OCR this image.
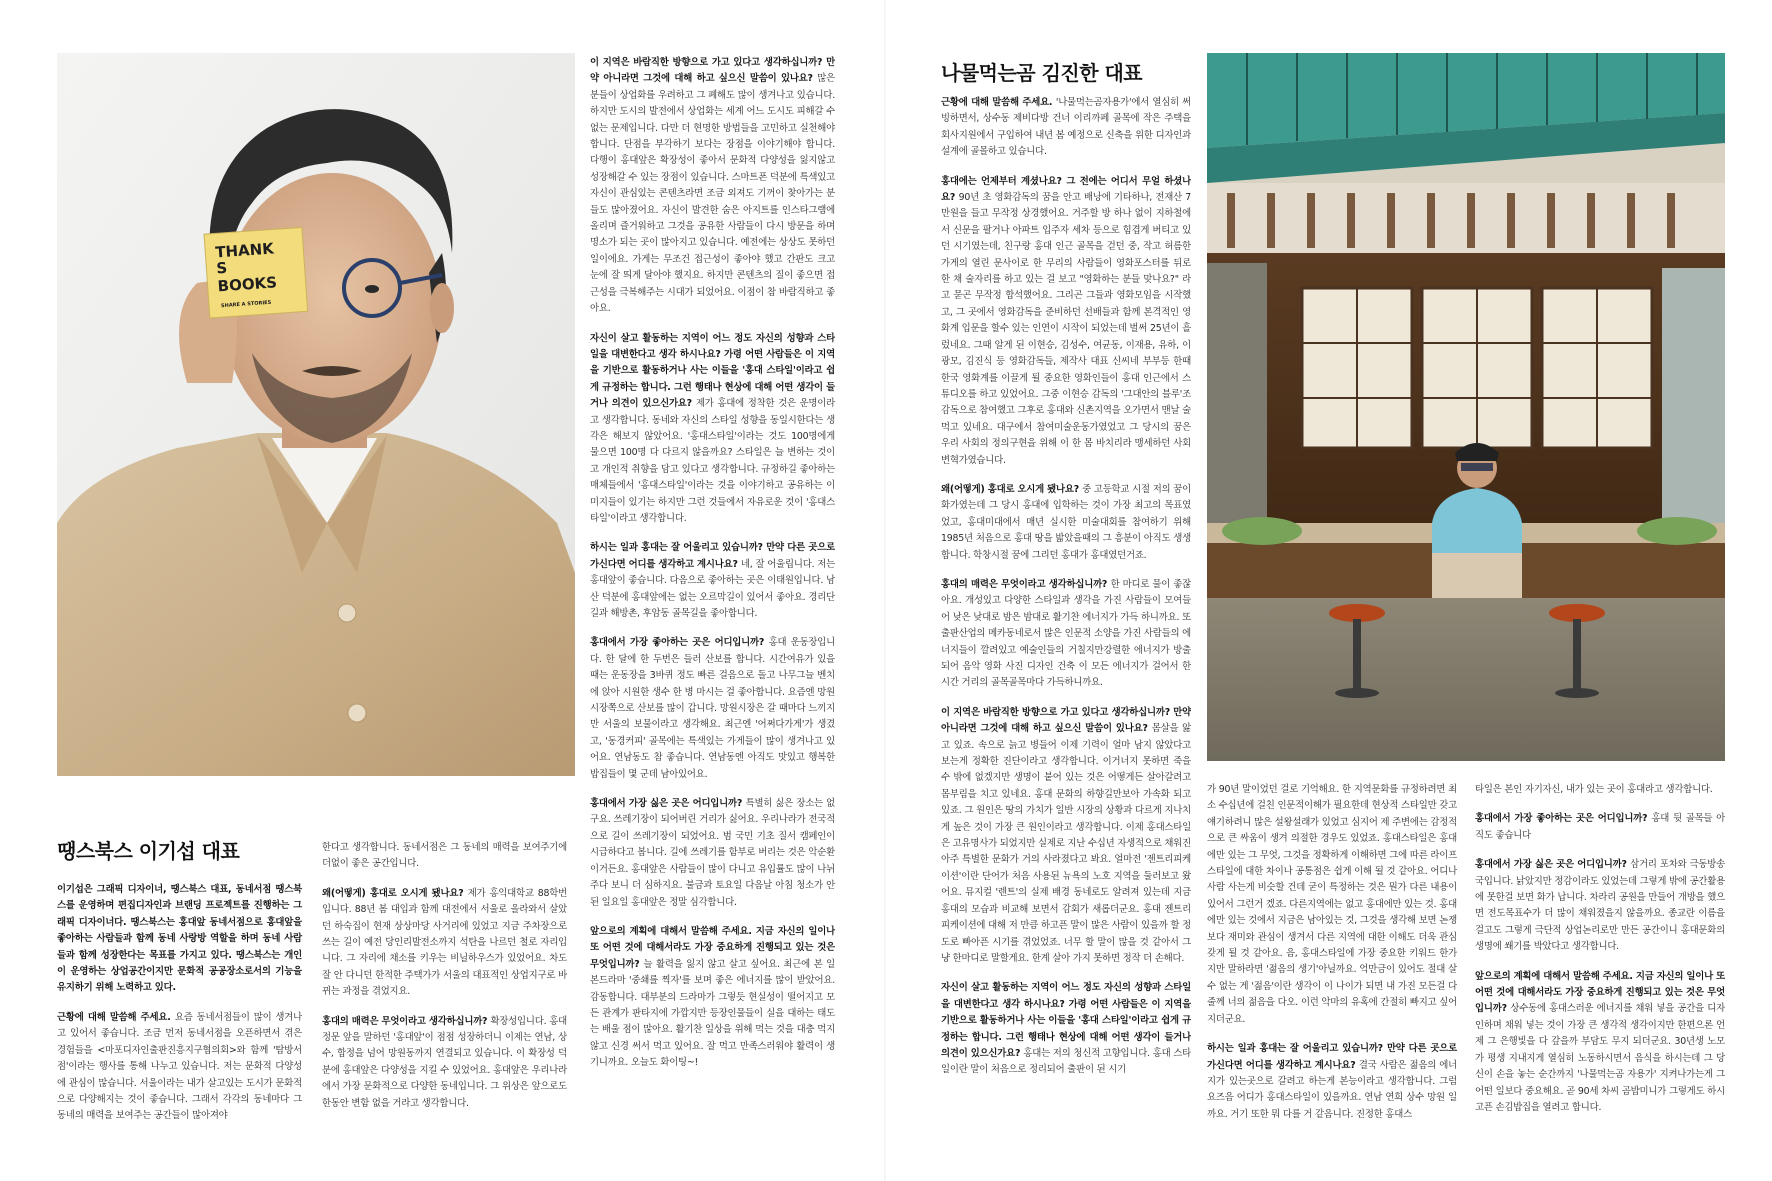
THANK
S
BOOKS
SHARE A STORIES

이 지역은 바람직한 방향으로 가고 있다고 생각하십니까? 만약 아니라면 그것에 대해 하고 싶으신 말씀이 있나요? 많은 분들이 상업화를 우려하고 그 폐해도 많이 생겨나고 있습니다. 하지만 도시의 발전에서 상업화는 세계 어느 도시도 피해갈 수 없는 문제입니다. 다만 더 현명한 방법들을 고민하고 실천해야 합니다. 단점을 부각하기 보다는 장점을 이야기해야 합니다. 다행이 홍대앞은 확장성이 좋아서 문화적 다양성을 잃지않고 성장해갈 수 있는 장점이 있습니다. 스마트폰 덕분에 특색있고 자신이 관심있는 콘텐츠라면 조금 외져도 기꺼이 찾아가는 분들도 많아졌어요. 자신이 발견한 숨은 아지트를 인스타그램에 올리며 즐거워하고 그것을 공유한 사람들이 다시 방문을 하며 명소가 되는 곳이 많아지고 있습니다. 예전에는 상상도 못하던 일이에요. 가게는 무조건 접근성이 좋아야 했고 간판도 크고 눈에 잘 띄게 달아야 했지요. 하지만 콘텐츠의 질이 좋으면 접근성을 극복해주는 시대가 되었어요. 이점이 참 바람직하고 좋아요.

자신이 살고 활동하는 지역이 어느 정도 자신의 성향과 스타일을 대변한다고 생각 하시나요? 가령 어떤 사람들은 이 지역을 기반으로 활동하거나 사는 이들을 '홍대 스타일'이라고 쉽게 규정하는 합니다. 그런 행태나 현상에 대해 어떤 생각이 들거나 의견이 있으신가요? 제가 홍대에 정착한 것은 운명이라고 생각합니다. 동네와 자신의 스타일 성향을 동일시한다는 생각은 해보지 않았어요. '홍대스타일'이라는 것도 100명에게 물으면 100명 다 다르지 않을까요? 스타일은 늘 변하는 것이고 개인적 취향을 담고 있다고 생각합니다. 규정하길 좋아하는 매체들에서 '홍대스타일'이라는 것을 이야기하고 공유하는 이미지들이 있기는 하지만 그런 것들에서 자유로운 것이 '홍대스타일'이라고 생각합니다.

하시는 일과 홍대는 잘 어울리고 있습니까? 만약 다른 곳으로 가신다면 어디를 생각하고 계시나요? 네, 잘 어울립니다. 저는 홍대앞이 좋습니다. 다음으로 좋아하는 곳은 이태원입니다. 남산 덕분에 홍대앞에는 없는 오르막길이 있어서 좋아요. 경리단길과 해방촌, 후암동 골목길을 좋아합니다.

홍대에서 가장 좋아하는 곳은 어디입니까? 홍대 운동장입니다. 한 달에 한 두번은 들러 산보를 합니다. 시간여유가 있을 때는 운동장을 3바퀴 정도 빠른 걸음으로 돌고 나무그늘 벤치에 앉아 시원한 생수 한 병 마시는 걸 좋아합니다. 요즘엔 망원시장쪽으로 산보를 많이 갑니다. 망원시장은 갈 때마다 느끼지만 서울의 보물이라고 생각해요. 최근엔 '어쩌다가게'가 생겼고, '동경커피' 골목에는 특색있는 가게들이 많이 생겨나고 있어요. 연남동도 참 좋습니다. 연남동엔 아직도 맛있고 행복한 밥집들이 몇 군데 남아있어요.

홍대에서 가장 싫은 곳은 어디입니까? 특별히 싫은 장소는 없구요. 쓰레기장이 되어버린 거리가 싫어요. 우리나라가 전국적으로 길이 쓰레기장이 되었어요. 범 국민 기초 질서 캠페인이 시급하다고 봅니다. 길에 쓰레기를 함부로 버리는 것은 악순환이거든요. 홍대앞은 사람들이 많이 다니고 유입률도 많이 나뉘주다 보니 더 심하지요. 불금과 토요일 다음날 아침 청소가 안된 일요일 홍대앞은 정말 심각합니다.

앞으로의 계획에 대해서 말씀해 주세요. 지금 자신의 일이나 또 어떤 것에 대해서라도 가장 중요하게 진행되고 있는 것은 무엇입니까? 늘 활력을 잃지 않고 살고 싶어요. 최근에 본 일본드라마 '중쇄를 찍자'를 보며 좋은 에너지를 많이 받았어요. 감동합니다. 대부분의 드라마가 그렇듯 현실성이 떨어지고 모든 관계가 판타지에 가깝지만 등장인물들이 실을 대하는 태도는 배울 점이 많아요. 활기찬 일상을 위해 먹는 것을 대충 먹지 않고 신경 써서 먹고 있어요. 잘 먹고 만족스러워야 활력이 생기니까요. 오늘도 화이팅~!

땡스북스 이기섭 대표
이기섭은 그래픽 디자이너, 땡스북스 대표, 동네서점 땡스북스를 운영하며 편집디자인과 브랜딩 프로젝트를 진행하는 그래픽 디자이너다. 땡스북스는 홍대앞 동네서점으로 홍대앞을 좋아하는 사람들과 함께 동네 사랑방 역할을 하며 동네 사람들과 함께 성장한다는 목표를 가지고 있다. 땡스북스는 개인이 운영하는 상업공간이지만 문화적 공공장소로서의 기능을 유지하기 위해 노력하고 있다.

근황에 대해 말씀해 주세요. 요즘 동네서점들이 많이 생겨나고 있어서 좋습니다. 조금 먼저 동네서점을 오픈하면서 겪은 경험들을 <마포디자인출판진흥지구협의회>와 함께 '탐방서점'이라는 행사를 통해 나누고 있습니다. 저는 문화적 다양성에 관심이 많습니다. 서울이라는 내가 살고있는 도시가 문화적으로 다양해지는 것이 좋습니다. 그래서 각각의 동네마다 그 동네의 매력을 보여주는 공간들이 많아져야

한다고 생각합니다. 동네서점은 그 동네의 매력을 보여주기에 더없이 좋은 공간입니다.

왜(어떻게) 홍대로 오시게 됐나요? 제가 홍익대학교 88학번입니다. 88년 봄 대입과 함께 대전에서 서울로 올라와서 살았던 하숙집이 현재 상상마당 사거리에 있었고 지금 주차장으로 쓰는 길이 예전 당인리발전소까지 석탄을 나르던 철로 자리입니다. 그 자리에 채소를 키우는 비닐하우스가 있었어요. 차도 잘 안 다니던 한적한 주택가가 서울의 대표적인 상업지구로 바뀌는 과정을 겪었지요.

홍대의 매력은 무엇이라고 생각하십니까? 확장성입니다. 홍대 정문 앞을 말하던 '홍대앞'이 점점 성장하더니 이제는 연남, 상수, 합정을 넘어 망원동까지 연결되고 있습니다. 이 확장성 덕분에 홍대앞은 다양성을 지킬 수 있었어요. 홍대앞은 우리나라에서 가장 문화적으로 다양한 동네입니다. 그 위상은 앞으로도 한동안 변함 없을 거라고 생각합니다.

나물먹는곰 김진한 대표

근황에 대해 말씀해 주세요. '나물먹는곰자용가'에서 열심히 써빙하면서, 상수동 제비다방 건너 이리까페 골목에 작은 주택을 회사지원에서 구입하여 내년 봄 예정으로 신축을 위한 디자인과 설계에 골몰하고 있습니다.

홍대에는 언제부터 계셨나요? 그 전에는 어디서 무얼 하셨나요? 90년 초 영화감독의 꿈을 안고 배낭에 기타하나, 전재산 7만원을 들고 무작정 상경했어요. 거주할 방 하나 없이 지하철에서 신문을 팔거나 아파트 입주자 세차 등으로 힘겹게 버티고 있던 시기였는데, 친구랑 홍대 인근 골목을 걷던 중, 작고 허름한 가게의 열린 문사이로 한 무리의 사람들이 영화포스터를 뒤로 한 채 술자리를 하고 있는 걸 보고 "영화하는 분들 맞나요?" 라고 묻곤 무작정 합석했어요. 그리곤 그들과 영화모임을 시작했고, 그 곳에서 영화감독을 준비하던 선배들과 함께 본격적인 영화계 입문을 할수 있는 인연이 시작이 되었는데 벌써 25년이 흘렀네요. 그때 알게 된 이현승, 김성수, 여균동, 이재용, 유하, 이광모, 김진식 등 영화감독들, 제작사 대표 신씨네 부부등 한때 한국 영화계를 이끌게 될 중요한 영화인들이 홍대 인근에서 스튜디오를 하고 있었어요. 그중 이현승 감독의 '그대안의 블루'조감독으로 참여했고 그후로 홍대와 신촌지역을 오가면서 맨날 술먹고 있네요. 대구에서 참여미술운동가였었고 그 당시의 꿈은 우리 사회의 정의구현을 위해 이 한 몸 바치리라 맹세하던 사회 변혁가였습니다.

왜(어떻게) 홍대로 오시게 됐나요? 중 고등학교 시절 저의 꿈이 화가였는데 그 당시 홍대에 입학하는 것이 가장 최고의 목표였었고, 홍대미대에서 매년 실시한 미술대회를 참여하기 위해 1985년 처음으로 홍대 땅을 밟았을때의 그 흥분이 아직도 생생합니다. 학창시절 꿈에 그리던 홍대가 홍대였던거죠.

홍대의 매력은 무엇이라고 생각하십니까? 한 마디로 물이 좋잖아요. 개성있고 다양한 스타일과 생각을 가진 사람들이 모여들어 낮은 낮대로 밤은 밤대로 활기찬 에너지가 가득 하니까요. 또 출판산업의 메카동네로서 많은 인문적 소양을 가진 사람들의 에너지들이 깔려있고 예술인들의 거칠지만강렬한 에너지가 방출되어 음악 영화 사진 디자인 건축 이 모든 에너지가 걸어서 한 시간 거리의 골목골목마다 가득하니까요.

이 지역은 바람직한 방향으로 가고 있다고 생각하십니까? 만약 아니라면 그것에 대해 하고 싶으신 말씀이 있나요? 몸살을 앓고 있죠. 속으로 늙고 병들어 이제 기력이 얼마 남지 않았다고 보는게 정확한 진단이라고 생각합니다. 이거너지 못하면 죽을 수 밖에 없겠지만 생명이 붙어 있는 것은 어떻게든 살아갈려고 몸부림을 치고 있네요. 홍대 문화의 하향길만보아 가속화 되고 있죠. 그 원인은 땅의 가치가 일반 시장의 상황과 다르게 지나치게 높은 것이 가장 큰 원인이라고 생각합니다. 이제 홍대스타일은 고유명사가 되었지만 실제로 지난 수십년 자생적으로 채워진 아주 특별한 문화가 거의 사라졌다고 봐요. 얼마전 '젠트리피케이션'이란 단어가 처음 사용된 뉴욕의 노호 지역을 둘러보고 왔어요. 뮤지컬 '렌트'의 실제 배경 동네로도 알려져 있는데 지금 홍대의 모습과 비교해 보면서 감회가 새롭더군요. 홍대 젠트리피케이션에 대해 저 만큼 하고픈 말이 많은 사람이 있을까 할 정도로 빠아픈 시기를 겪었었죠. 너무 할 말이 많을 것 같아서 그냥 한마디로 말할게요. 한계 살아 가지 못하면 정작 더 손해다.

자신이 살고 활동하는 지역이 어느 정도 자신의 성향과 스타일을 대변한다고 생각 하시나요? 가령 어떤 사람들은 이 지역을 기반으로 활동하거나 사는 이들을 '홍대 스타일'이라고 쉽게 규정하는 합니다. 그런 행태나 현상에 대해 어떤 생각이 들거나 의견이 있으신가요? 홍대는 저의 청신적 고향입니다. 홍대 스타일이란 말이 처음으로 정리되어 출판이 된 시기

가 90년 말이었던 걸로 기억해요. 한 지역문화를 규정하려면 최소 수십년에 걸친 인문적이해가 필요한데 현상적 스타일만 갖고 얘기하려니 많은 설왕설래가 있었고 심지어 제 주변에는 감정적으로 큰 싸움이 생겨 의절한 경우도 있었죠. 홍대스타일은 홍대에만 있는 그 무엇, 그것을 정확하게 이해하면 그에 따른 라이프 스타일에 대한 차이나 공통점은 쉽게 이해 될 것 같아요. 어디나 사람 사는게 비슷할 건데 굳이 특정하는 것은 뭔가 다른 내용이 있어서 그런거 겠죠. 다른지역에는 없고 홍대에만 있는 것. 홍대에만 있는 것에서 지금은 남아있는 것, 그것을 생각해 보면 논쟁보다 재미와 관심이 생겨서 다른 지역에 대한 이해도 더욱 관심 갖게 될 것 같아요. 음, 홍대스타일에 가장 중요한 키워드 한가지만 말하라면 '젊음의 생기'아닐까요. 억만금이 있어도 절대 살 수 없는 게 '젊음'이란 생각이 이 나이가 되면 내 가진 모든걸 다 줄께 너의 젊음을 다오. 이런 악마의 유혹에 간절히 빠지고 싶어지더군요.

하시는 일과 홍대는 잘 어울리고 있습니까? 만약 다른 곳으로 가신다면 어디를 생각하고 계시나요? 결국 사람은 젊음의 에너지가 있는곳으로 갈려고 하는게 본능이라고 생각합니다. 그럼 요즈음 어디가 홍대스타일이 있을까요. 연남 연희 상수 망원 일까요. 거기 또한 뭐 다를 거 같음니다. 진정한 홍대스

타일은 본인 자기자신, 내가 있는 곳이 홍대라고 생각합니다.

홍대에서 가장 좋아하는 곳은 어디입니까? 홍대 뒷 골목들 아직도 좋습니다

홍대에서 가장 싫은 곳은 어디입니까? 삼거리 포차와 극동방송국입니다. 낡았지만 정감이라도 있었는데 그렇게 밖에 공간활용에 못한걸 보면 화가 납니다. 차라리 공원을 만들어 개방을 했으면 전도목표수가 더 많이 채워졌을지 않을까요. 종교란 이름을 걸고도 그렇게 극단적 상업논리로만 만든 공간이니 홍대문화의 생명에 쐐기를 박았다고 생각합니다.

앞으로의 계획에 대해서 말씀해 주세요. 지금 자신의 일이나 또 어떤 것에 대해서라도 가장 중요하게 진행되고 있는 것은 무엇입니까? 상수동에 홍대스러운 에너지를 채워 넣을 공간을 디자인하며 채워 넣는 것이 가장 큰 생각적 생각이지만 한편으론 언제 그 은행빛을 다 갚을까 부담도 무지 되더군요. 30년생 노모가 평생 지내지게 열심히 노동하시면서 음식을 하시는데 그 당신이 손을 놓는 순간까지 '나물먹는곰 자용가' 지켜나가는게 그 어떤 일보다 중요해요. 곧 90세 차씨 곰밥미니가 그렇게도 하시고픈 손김밥집을 열려고 합니다.
